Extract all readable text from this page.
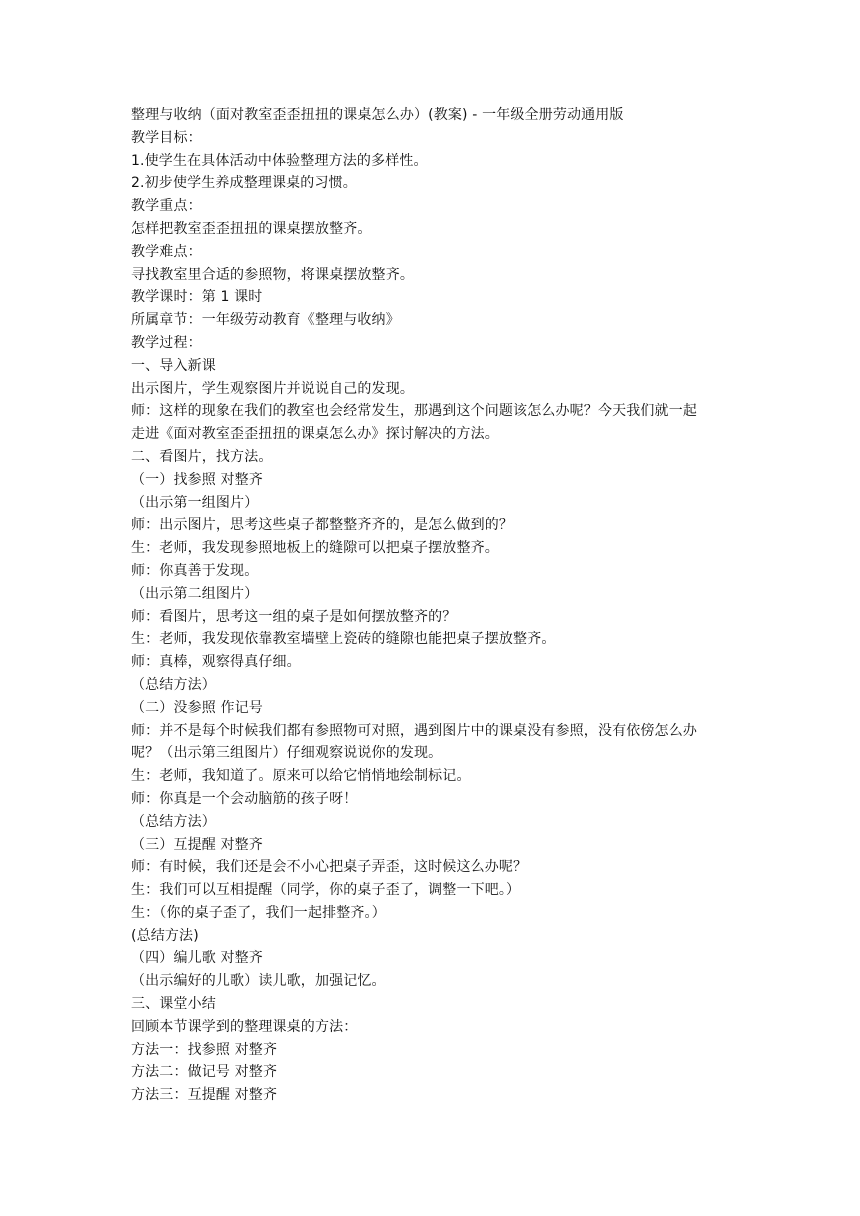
整理与收纳（面对教室歪歪扭扭的课桌怎么办）(教案) - 一年级全册劳动通用版
教学目标：
1.使学生在具体活动中体验整理方法的多样性。
2.初步使学生养成整理课桌的习惯。
教学重点：
怎样把教室歪歪扭扭的课桌摆放整齐。
教学难点：
寻找教室里合适的参照物，将课桌摆放整齐。
教学课时：第 1 课时
所属章节：一年级劳动教育《整理与收纳》
教学过程：
一、导入新课
出示图片，学生观察图片并说说自己的发现。
师：这样的现象在我们的教室也会经常发生，那遇到这个问题该怎么办呢？今天我们就一起
走进《面对教室歪歪扭扭的课桌怎么办》探讨解决的方法。
二、看图片，找方法。
（一）找参照 对整齐
（出示第一组图片）
师：出示图片，思考这些桌子都整整齐齐的，是怎么做到的？
生：老师，我发现参照地板上的缝隙可以把桌子摆放整齐。
师：你真善于发现。
（出示第二组图片）
师：看图片，思考这一组的桌子是如何摆放整齐的？
生：老师，我发现依靠教室墙壁上瓷砖的缝隙也能把桌子摆放整齐。
师：真棒，观察得真仔细。
（总结方法）
（二）没参照 作记号
师：并不是每个时候我们都有参照物可对照，遇到图片中的课桌没有参照，没有依傍怎么办
呢？（出示第三组图片）仔细观察说说你的发现。
生：老师，我知道了。原来可以给它悄悄地绘制标记。
师：你真是一个会动脑筋的孩子呀！
（总结方法）
（三）互提醒 对整齐
师：有时候，我们还是会不小心把桌子弄歪，这时候这么办呢？
生：我们可以互相提醒（同学，你的桌子歪了，调整一下吧。）
生：（你的桌子歪了，我们一起排整齐。）
(总结方法)
（四）编儿歌 对整齐
（出示编好的儿歌）读儿歌，加强记忆。
三、课堂小结
回顾本节课学到的整理课桌的方法：
方法一：找参照 对整齐
方法二：做记号 对整齐
方法三：互提醒 对整齐
